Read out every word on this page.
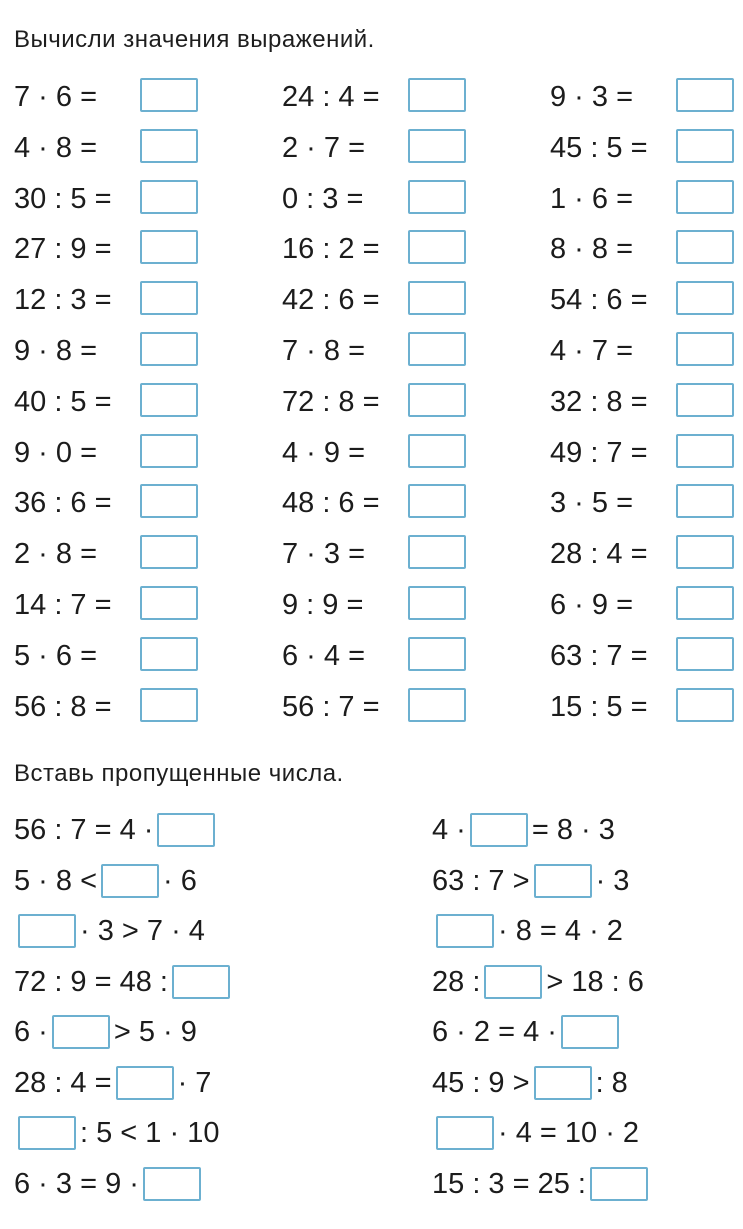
Вычисли значения выражений.
7 · 6 =	24 : 4 =	9 · 3 =
4 · 8 =	2 · 7 =	45 : 5 =
30 : 5 =	0 : 3 =	1 · 6 =
27 : 9 =	16 : 2 =	8 · 8 =
12 : 3 =	42 : 6 =	54 : 6 =
9 · 8 =	7 · 8 =	4 · 7 =
40 : 5 =	72 : 8 =	32 : 8 =
9 · 0 =	4 · 9 =	49 : 7 =
36 : 6 =	48 : 6 =	3 · 5 =
2 · 8 =	7 · 3 =	28 : 4 =
14 : 7 =	9 : 9 =	6 · 9 =
5 · 6 =	6 · 4 =	63 : 7 =
56 : 8 =	56 : 7 =	15 : 5 =
Вставь пропущенные числа.
56 : 7 = 4 ·
5 · 8 < · 6
· 3 > 7 · 4
72 : 9 = 48 :
6 · > 5 · 9
28 : 4 = · 7
: 5 < 1 · 10
6 · 3 = 9 ·
4 · = 8 · 3
63 : 7 > · 3
· 8 = 4 · 2
28 : > 18 : 6
6 · 2 = 4 ·
45 : 9 > : 8
· 4 = 10 · 2
15 : 3 = 25 :
